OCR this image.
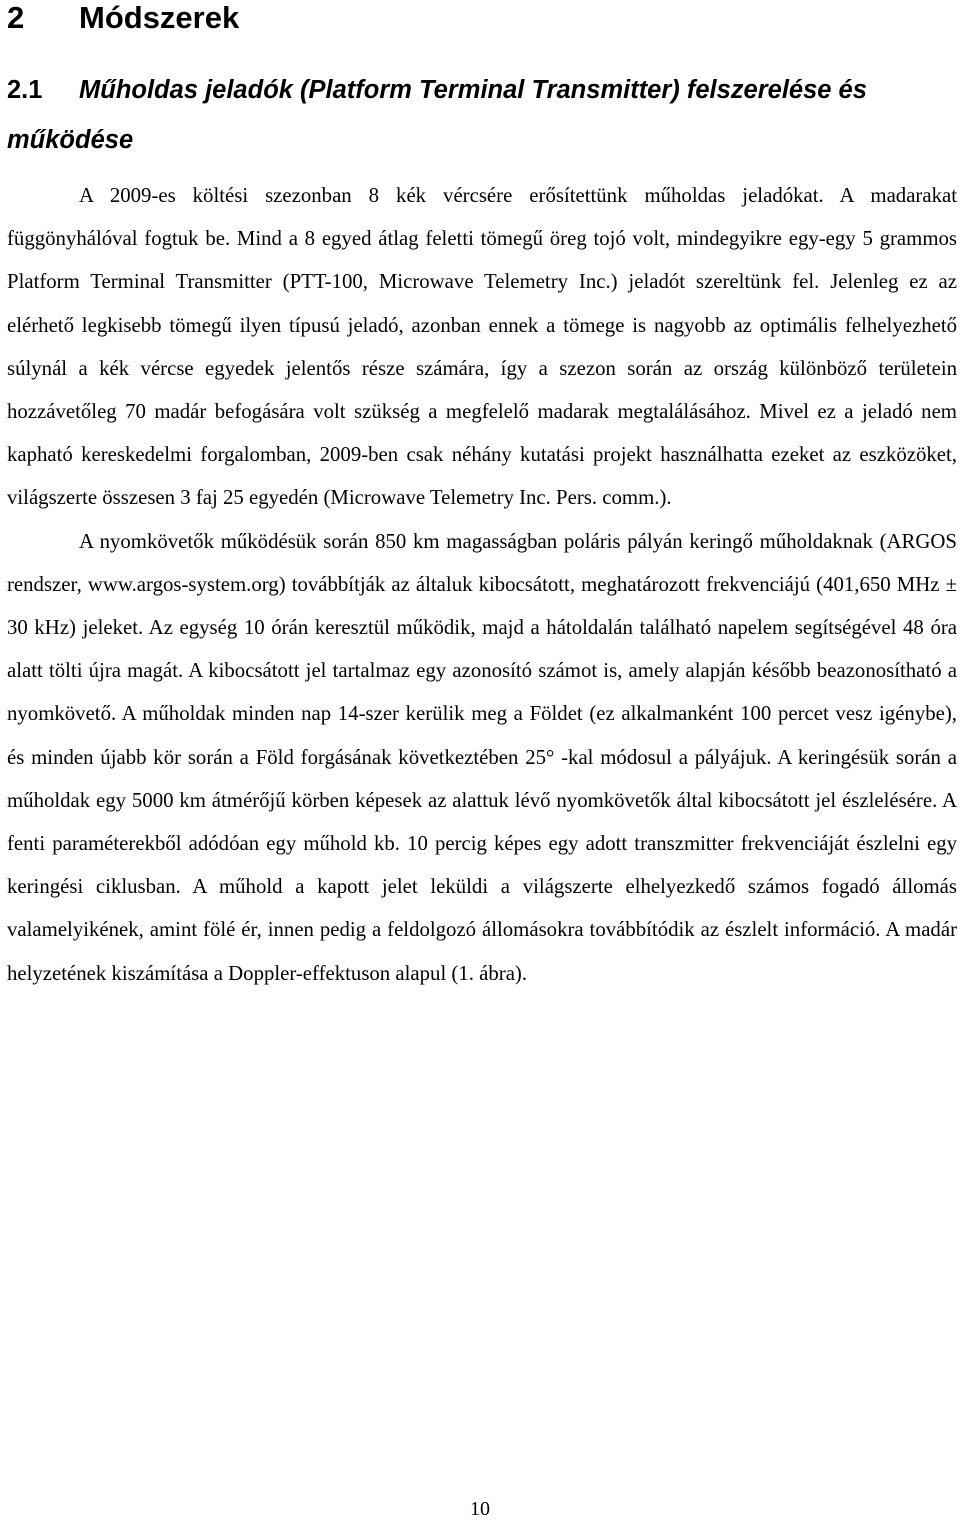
2 Módszerek
2.1 Műholdas jeladók (Platform Terminal Transmitter) felszerelése és működése

A 2009-es költési szezonban 8 kék vércsére erősítettünk műholdas jeladókat. A madarakat függönyhálóval fogtuk be. Mind a 8 egyed átlag feletti tömegű öreg tojó volt, mindegyikre egy-egy 5 grammos Platform Terminal Transmitter (PTT-100, Microwave Telemetry Inc.) jeladót szereltünk fel. Jelenleg ez az elérhető legkisebb tömegű ilyen típusú jeladó, azonban ennek a tömege is nagyobb az optimális felhelyezhető súlynál a kék vércse egyedek jelentős része számára, így a szezon során az ország különböző területein hozzávetőleg 70 madár befogására volt szükség a megfelelő madarak megtalálásához. Mivel ez a jeladó nem kapható kereskedelmi forgalomban, 2009-ben csak néhány kutatási projekt használhatta ezeket az eszközöket, világszerte összesen 3 faj 25 egyedén (Microwave Telemetry Inc. Pers. comm.).

A nyomkövetők működésük során 850 km magasságban poláris pályán keringő műholdaknak (ARGOS rendszer, www.argos-system.org) továbbítják az általuk kibocsátott, meghatározott frekvenciájú (401,650 MHz ± 30 kHz) jeleket. Az egység 10 órán keresztül működik, majd a hátoldalán található napelem segítségével 48 óra alatt tölti újra magát. A kibocsátott jel tartalmaz egy azonosító számot is, amely alapján később beazonosítható a nyomkövető. A műholdak minden nap 14-szer kerülik meg a Földet (ez alkalmanként 100 percet vesz igénybe), és minden újabb kör során a Föld forgásának következtében 25° -kal módosul a pályájuk. A keringésük során a műholdak egy 5000 km átmérőjű körben képesek az alattuk lévő nyomkövetők által kibocsátott jel észlelésére. A fenti paraméterekből adódóan egy műhold kb. 10 percig képes egy adott transzmitter frekvenciáját észlelni egy keringési ciklusban. A műhold a kapott jelet leküldi a világszerte elhelyezkedő számos fogadó állomás valamelyikének, amint fölé ér, innen pedig a feldolgozó állomásokra továbbítódik az észlelt információ. A madár helyzetének kiszámítása a Doppler-effektuson alapul (1. ábra).

10
